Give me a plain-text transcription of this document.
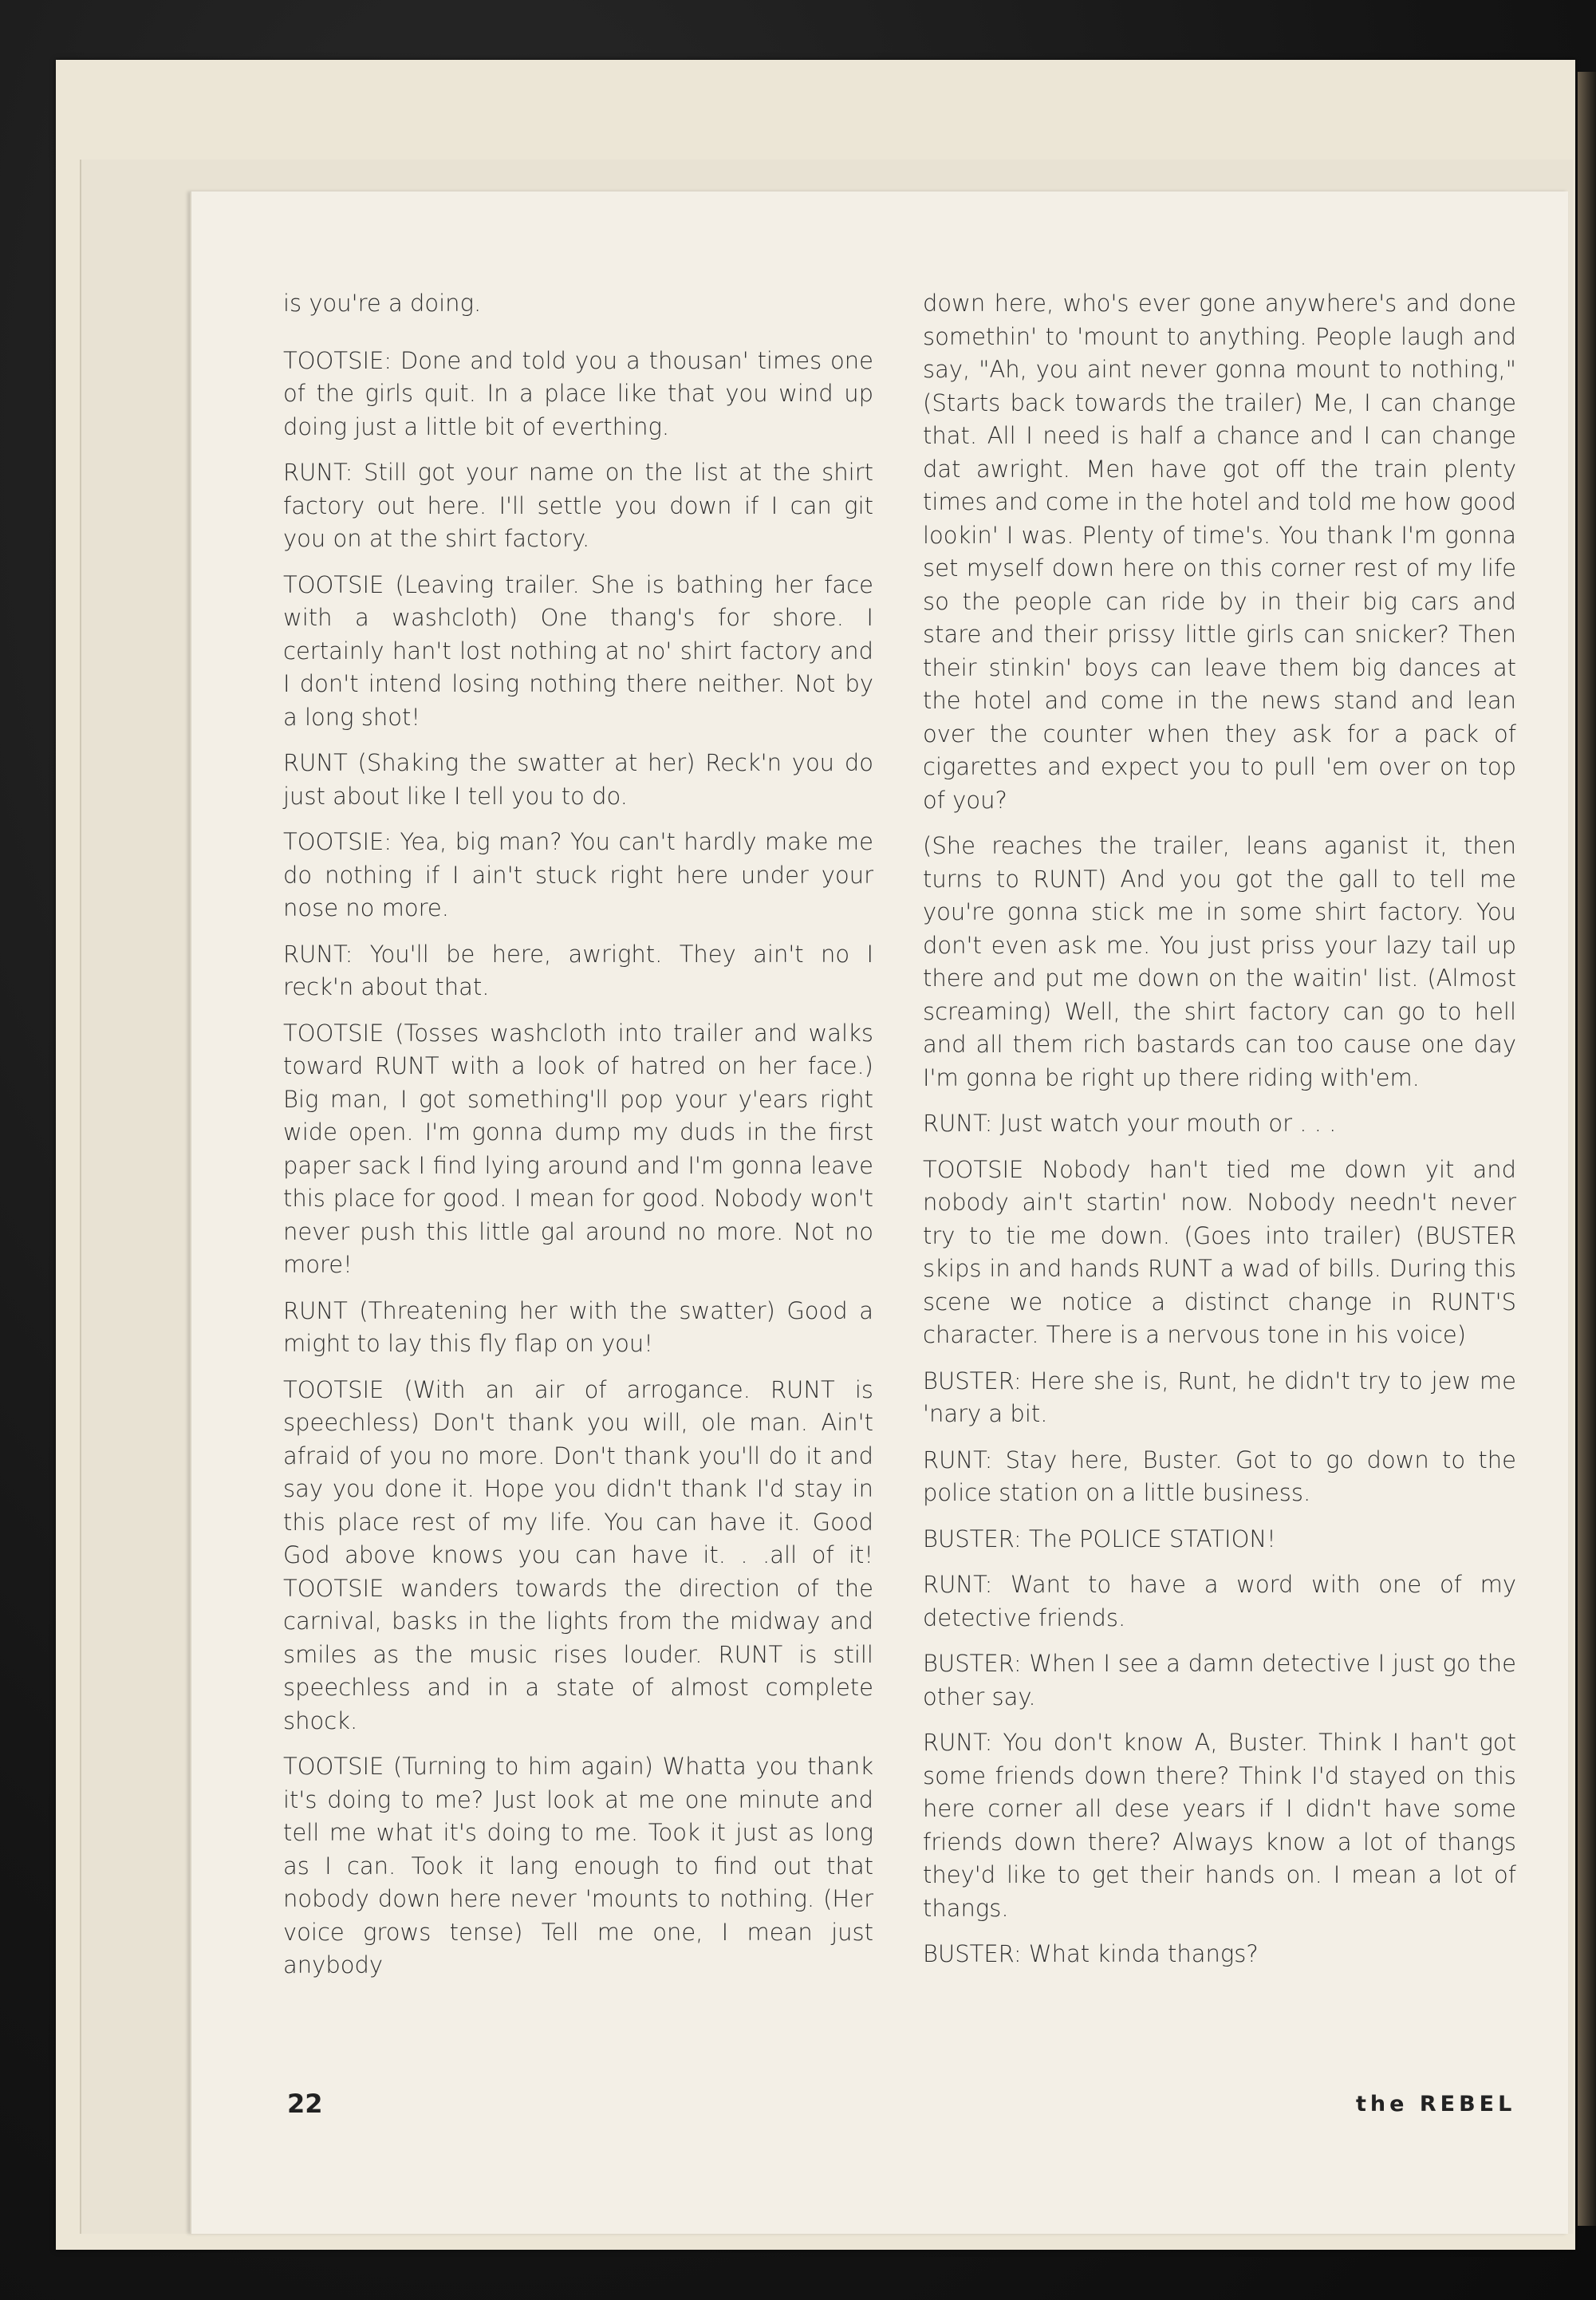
is you're a doing.

TOOTSIE: Done and told you a thousan' times one of the girls quit. In a place like that you wind up doing just a little bit of everthing.

RUNT: Still got your name on the list at the shirt factory out here. I'll settle you down if I can git you on at the shirt factory.

TOOTSIE (Leaving trailer. She is bathing her face with a washcloth) One thang's for shore. I certainly han't lost nothing at no' shirt factory and I don't intend losing nothing there neither. Not by a long shot!

RUNT (Shaking the swatter at her) Reck'n you do just about like I tell you to do.

TOOTSIE: Yea, big man? You can't hardly make me do nothing if I ain't stuck right here under your nose no more.

RUNT: You'll be here, awright. They ain't no I reck'n about that.

TOOTSIE (Tosses washcloth into trailer and walks toward RUNT with a look of hatred on her face.) Big man, I got something'll pop your y'ears right wide open. I'm gonna dump my duds in the first paper sack I find lying around and I'm gonna leave this place for good. I mean for good. Nobody won't never push this little gal around no more. Not no more!

RUNT (Threatening her with the swatter) Good a might to lay this fly flap on you!

TOOTSIE (With an air of arrogance. RUNT is speechless) Don't thank you will, ole man. Ain't afraid of you no more. Don't thank you'll do it and say you done it. Hope you didn't thank I'd stay in this place rest of my life. You can have it. Good God above knows you can have it. . .all of it! TOOTSIE wanders towards the direction of the carnival, basks in the lights from the midway and smiles as the music rises louder. RUNT is still speechless and in a state of almost complete shock.

TOOTSIE (Turning to him again) Whatta you thank it's doing to me? Just look at me one minute and tell me what it's doing to me. Took it just as long as I can. Took it lang enough to find out that nobody down here never 'mounts to nothing. (Her voice grows tense) Tell me one, I mean just anybody

down here, who's ever gone anywhere's and done somethin' to 'mount to anything. People laugh and say, "Ah, you aint never gonna mount to nothing," (Starts back towards the trailer) Me, I can change that. All I need is half a chance and I can change dat awright. Men have got off the train plenty times and come in the hotel and told me how good lookin' I was. Plenty of time's. You thank I'm gonna set myself down here on this corner rest of my life so the people can ride by in their big cars and stare and their prissy little girls can snicker? Then their stinkin' boys can leave them big dances at the hotel and come in the news stand and lean over the counter when they ask for a pack of cigarettes and expect you to pull 'em over on top of you?

(She reaches the trailer, leans aganist it, then turns to RUNT) And you got the gall to tell me you're gonna stick me in some shirt factory. You don't even ask me. You just priss your lazy tail up there and put me down on the waitin' list. (Almost screaming) Well, the shirt factory can go to hell and all them rich bastards can too cause one day I'm gonna be right up there riding with'em.

RUNT: Just watch your mouth or . . .

TOOTSIE Nobody han't tied me down yit and nobody ain't startin' now. Nobody needn't never try to tie me down. (Goes into trailer) (BUSTER skips in and hands RUNT a wad of bills. During this scene we notice a distinct change in RUNT'S character. There is a nervous tone in his voice)

BUSTER: Here she is, Runt, he didn't try to jew me 'nary a bit.

RUNT: Stay here, Buster. Got to go down to the police station on a little business.

BUSTER: The POLICE STATION!

RUNT: Want to have a word with one of my detective friends.

BUSTER: When I see a damn detective I just go the other say.

RUNT: You don't know A, Buster. Think I han't got some friends down there? Think I'd stayed on this here corner all dese years if I didn't have some friends down there? Always know a lot of thangs they'd like to get their hands on. I mean a lot of thangs.

BUSTER: What kinda thangs?

22	the REBEL
